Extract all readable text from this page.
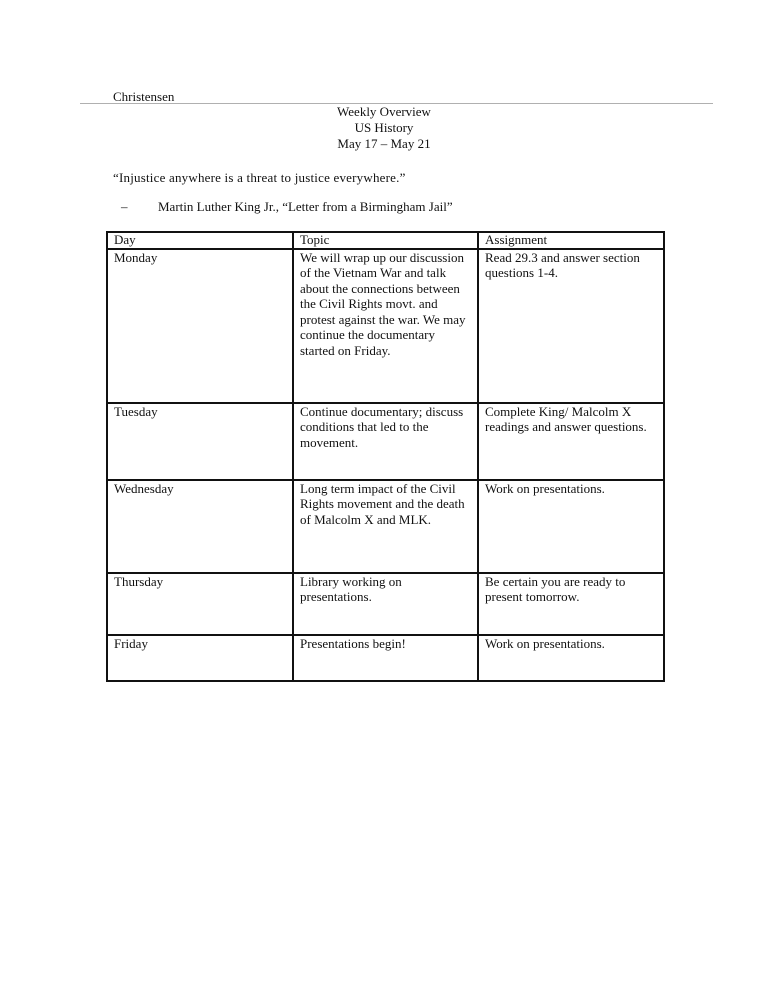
Christensen
Weekly Overview
US History
May 17 – May 21
“Injustice anywhere is a threat to justice everywhere.”
– Martin Luther King Jr., “Letter from a Birmingham Jail”
Day	Topic	Assignment

Monday	We will wrap up our discussion of the Vietnam War and talk about the connections between the Civil Rights movt. and protest against the war. We may continue the documentary started on Friday.	Read 29.3 and answer section questions 1-4.

Tuesday	Continue documentary; discuss conditions that led to the movement.	Complete King/ Malcolm X readings and answer questions.

Wednesday	Long term impact of the Civil Rights movement and the death of Malcolm X and MLK.	Work on presentations.

Thursday	Library working on presentations.	Be certain you are ready to present tomorrow.

Friday	Presentations begin!	Work on presentations.
